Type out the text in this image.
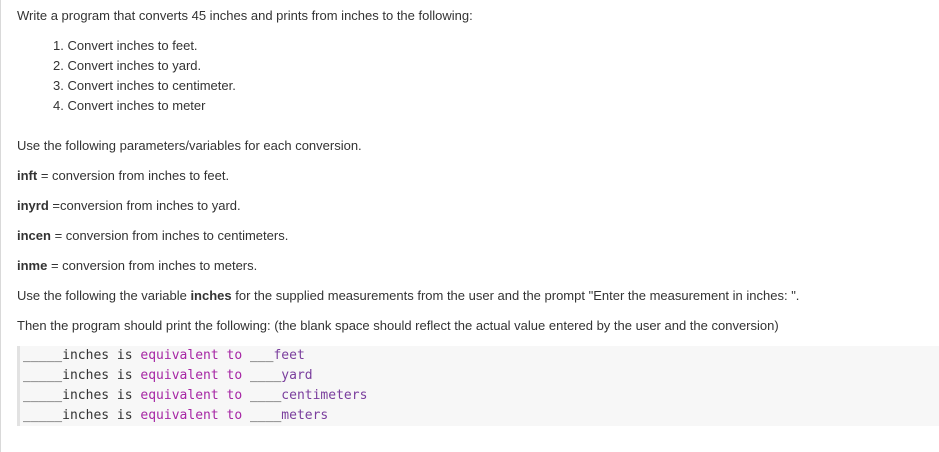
Write a program that converts 45 inches and prints from inches to the following:
1. Convert inches to feet.
2. Convert inches to yard.
3. Convert inches to centimeter.
4. Convert inches to meter
Use the following parameters/variables for each conversion.
inft = conversion from inches to feet.
inyrd =conversion from inches to yard.
incen = conversion from inches to centimeters.
inme = conversion from inches to meters.
Use the following the variable inches for the supplied measurements from the user and the prompt "Enter the measurement in inches: ".
Then the program should print the following: (the blank space should reflect the actual value entered by the user and the conversion)
_____inches is equivalent to ___feet
_____inches is equivalent to ____yard
_____inches is equivalent to ____centimeters
_____inches is equivalent to ____meters
